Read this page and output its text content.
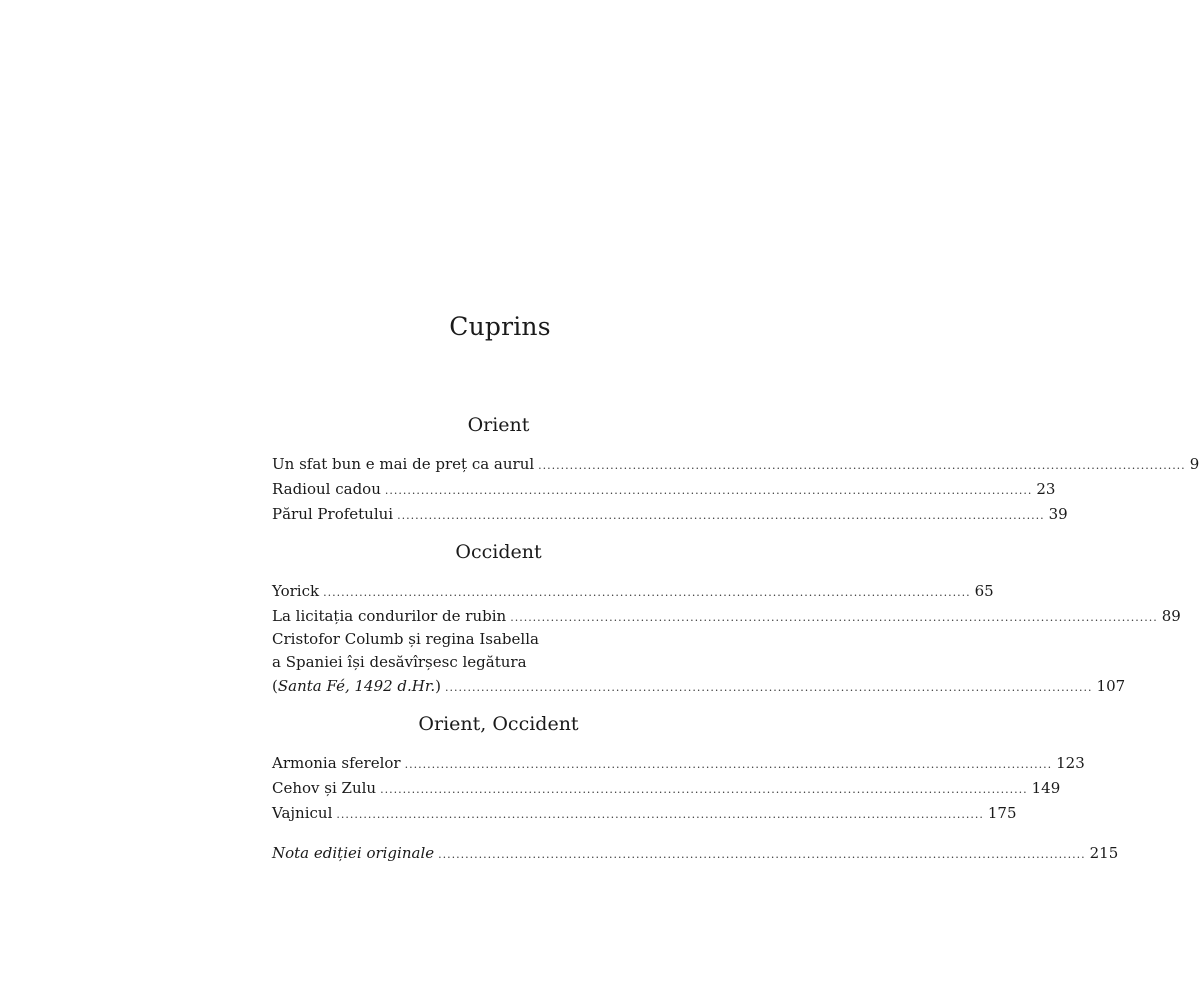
Cuprins
Orient
Un sfat bun e mai de preț ca aurul ................................................................................................................................................ 9
Radioul cadou ................................................................................................................................................ 23
Părul Profetului ................................................................................................................................................ 39
Occident
Yorick ................................................................................................................................................ 65
La licitația condurilor de rubin ................................................................................................................................................ 89
Cristofor Columb și regina Isabella
a Spaniei își desăvîrșesc legătura
(Santa Fé, 1492 d.Hr.) ................................................................................................................................................ 107
Orient, Occident
Armonia sferelor ................................................................................................................................................ 123
Cehov și Zulu ................................................................................................................................................ 149
Vajnicul ................................................................................................................................................ 175
Nota ediției originale ................................................................................................................................................ 215
